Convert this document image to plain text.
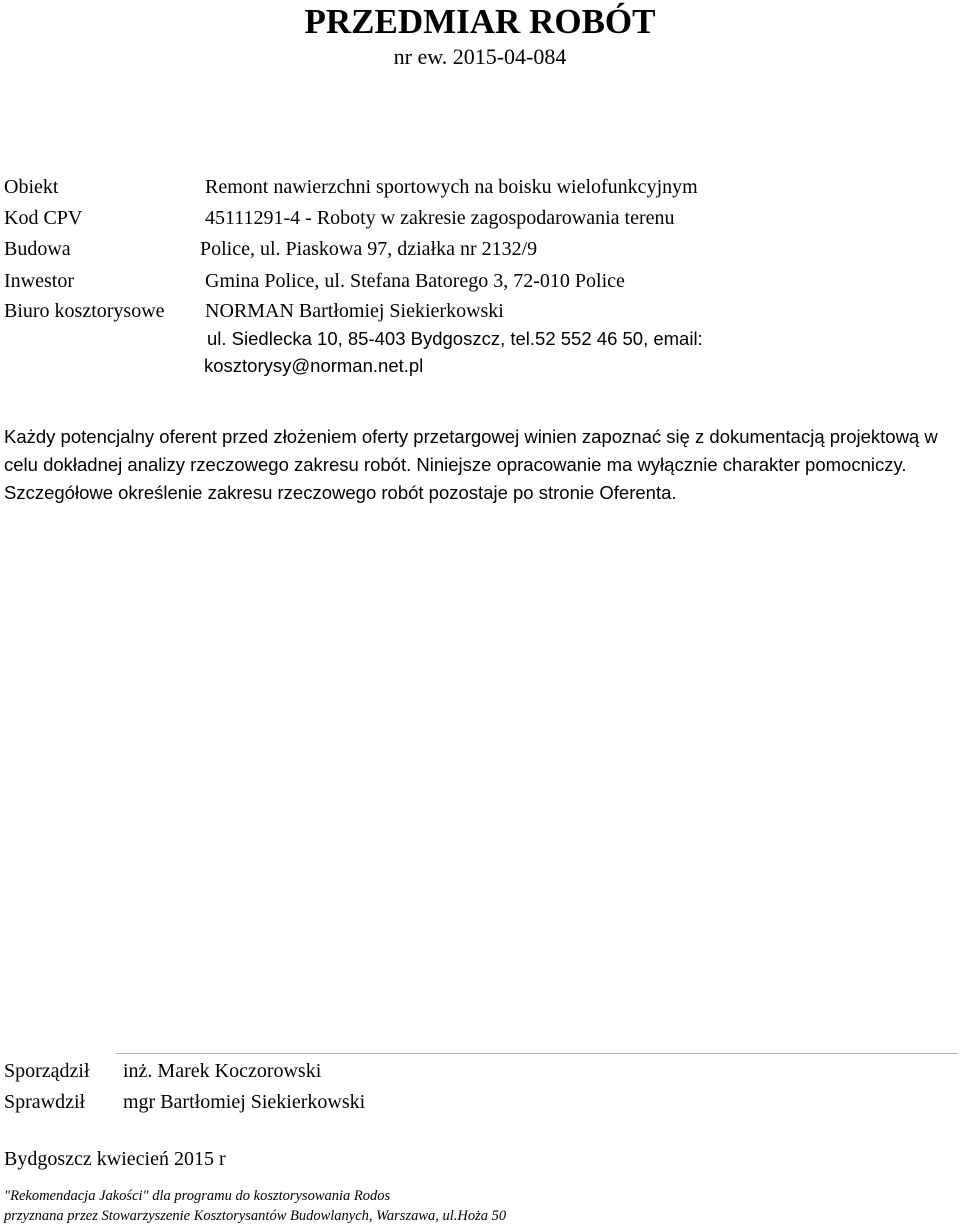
PRZEDMIAR ROBÓT
nr ew. 2015-04-084
Obiekt	Remont nawierzchni sportowych na boisku wielofunkcyjnym
Kod CPV	45111291-4 - Roboty w zakresie zagospodarowania terenu
Budowa	Police, ul. Piaskowa 97, działka nr 2132/9
Inwestor	Gmina Police, ul. Stefana Batorego 3, 72-010 Police
Biuro kosztorysowe NORMAN Bartłomiej Siekierkowski
ul. Siedlecka 10, 85-403 Bydgoszcz, tel.52 552 46 50, email:
kosztorysy@norman.net.pl

Każdy potencjalny oferent przed złożeniem oferty przetargowej winien zapoznać się z dokumentacją projektową w celu dokładnej analizy rzeczowego zakresu robót. Niniejsze opracowanie ma wyłącznie charakter pomocniczy. Szczegółowe określenie zakresu rzeczowego robót pozostaje po stronie Oferenta.

Sporządził inż. Marek Koczorowski
Sprawdził mgr Bartłomiej Siekierkowski
Bydgoszcz kwiecień 2015 r
"Rekomendacja Jakości" dla programu do kosztorysowania Rodos
przyznana przez Stowarzyszenie Kosztorysantów Budowlanych, Warszawa, ul.Hoża 50
